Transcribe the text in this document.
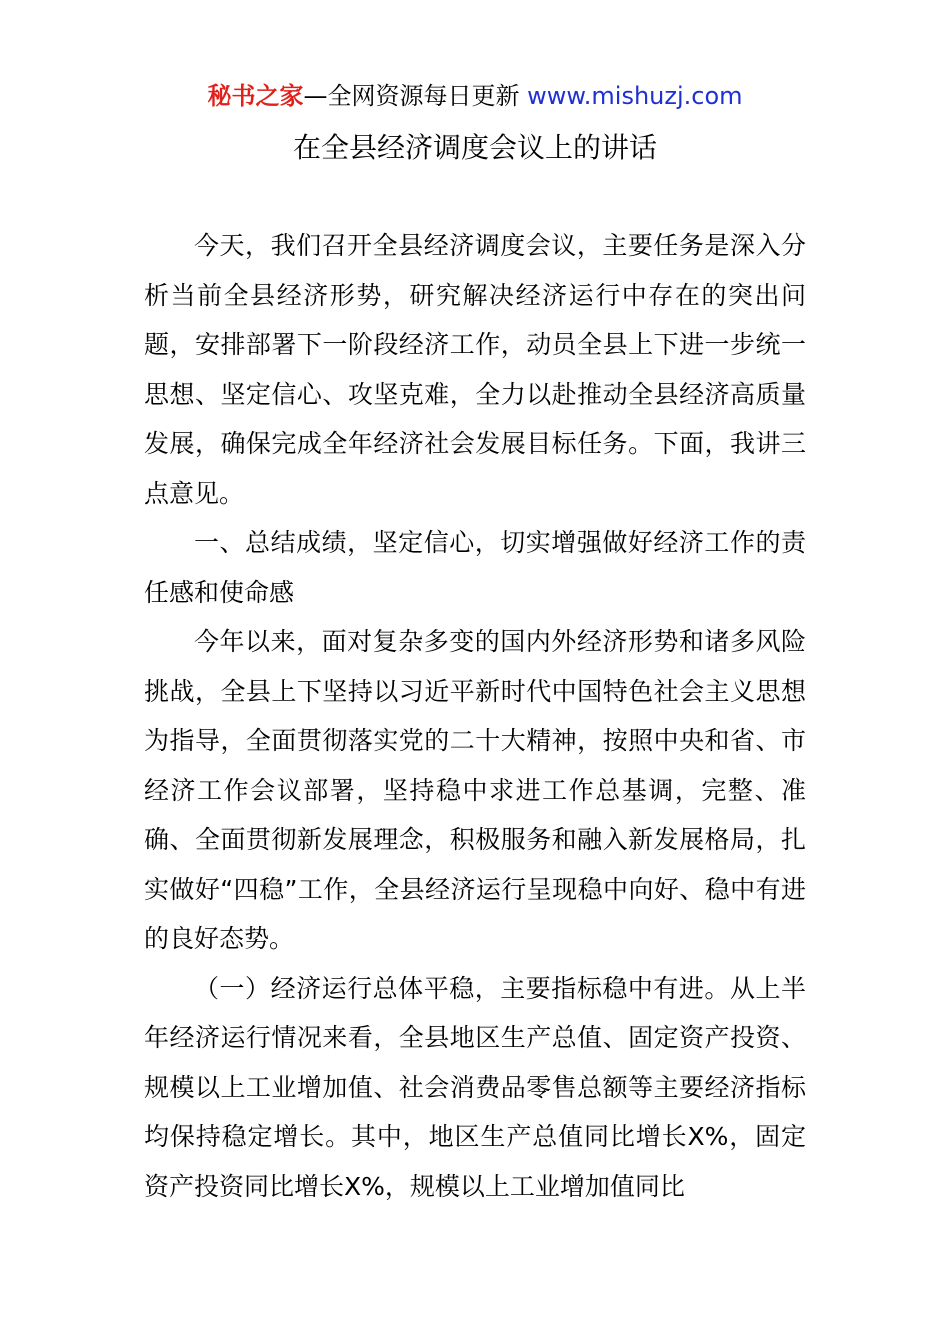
秘书之家—全网资源每日更新 www.mishuzj.com
在全县经济调度会议上的讲话

今天，我们召开全县经济调度会议，主要任务是深入分析当前全县经济形势，研究解决经济运行中存在的突出问题，安排部署下一阶段经济工作，动员全县上下进一步统一思想、坚定信心、攻坚克难，全力以赴推动全县经济高质量发展，确保完成全年经济社会发展目标任务。下面，我讲三点意见。

一、总结成绩，坚定信心，切实增强做好经济工作的责任感和使命感

今年以来，面对复杂多变的国内外经济形势和诸多风险挑战，全县上下坚持以习近平新时代中国特色社会主义思想为指导，全面贯彻落实党的二十大精神，按照中央和省、市经济工作会议部署，坚持稳中求进工作总基调，完整、准确、全面贯彻新发展理念，积极服务和融入新发展格局，扎实做好“四稳”工作，全县经济运行呈现稳中向好、稳中有进的良好态势。

（一）经济运行总体平稳，主要指标稳中有进。从上半年经济运行情况来看，全县地区生产总值、固定资产投资、规模以上工业增加值、社会消费品零售总额等主要经济指标均保持稳定增长。其中，地区生产总值同比增长X%，固定资产投资同比增长X%，规模以上工业增加值同比
